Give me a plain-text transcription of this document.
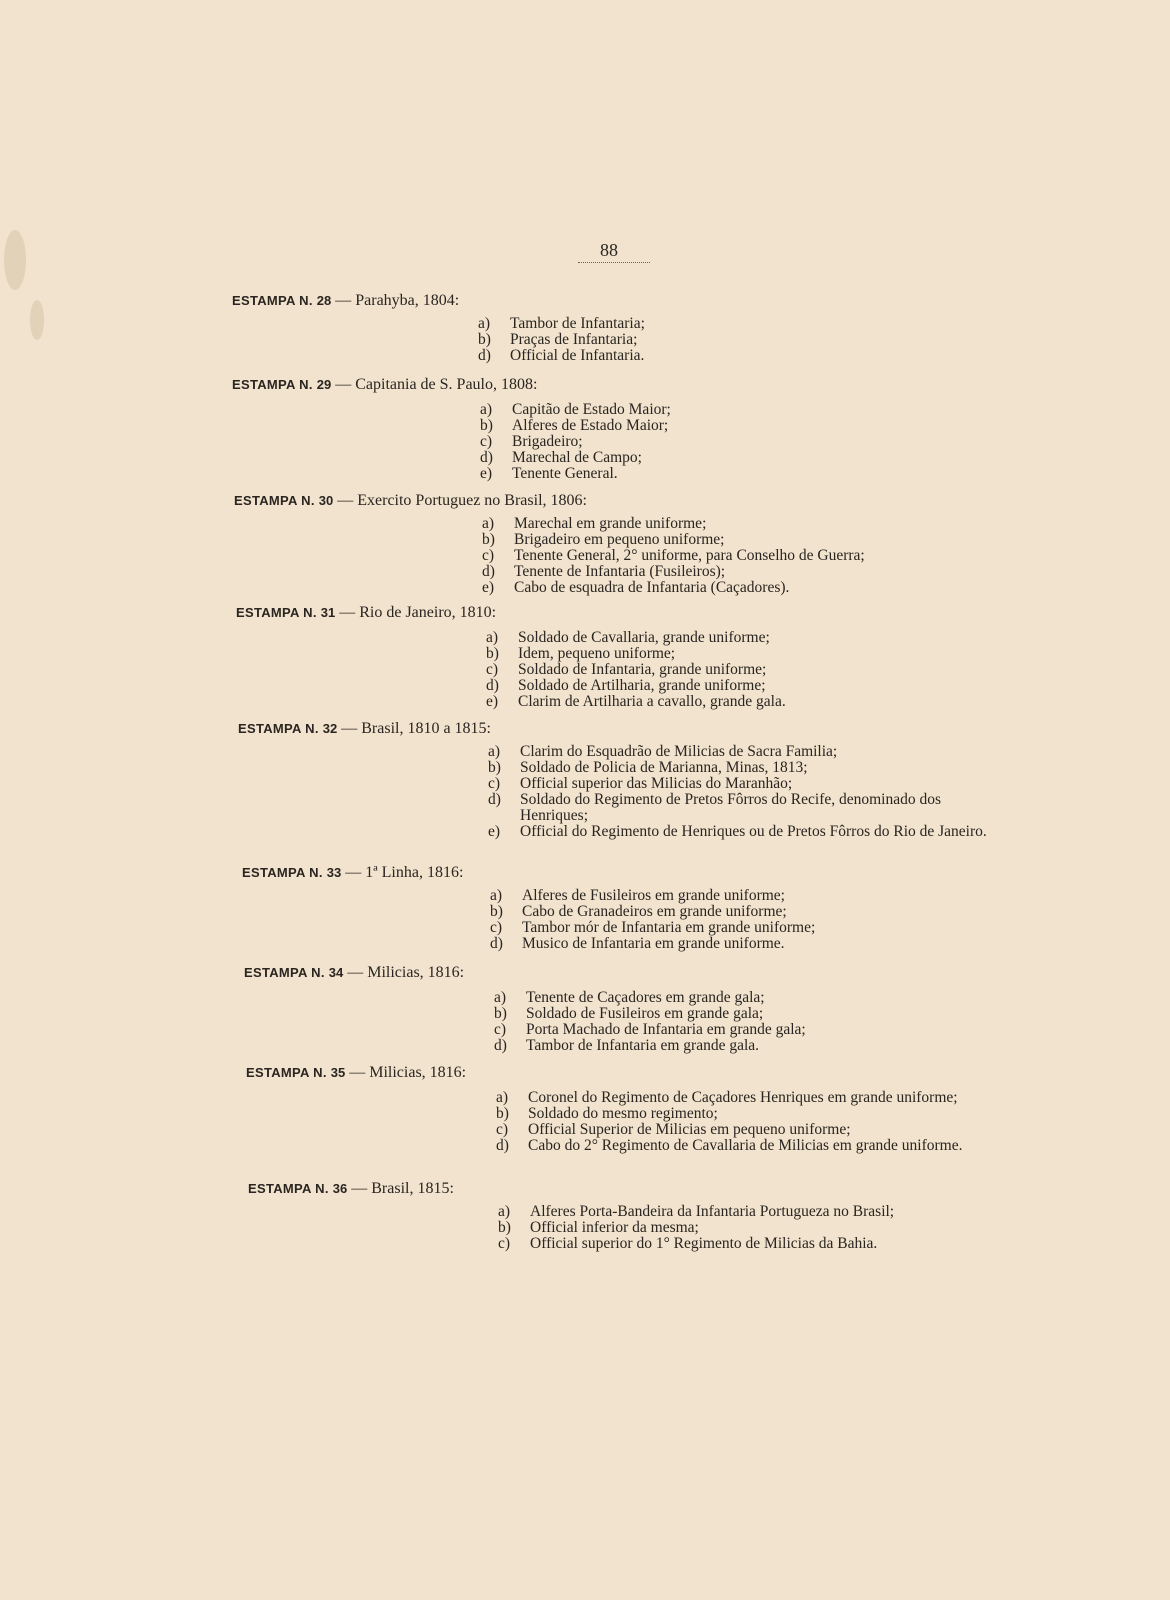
88
ESTAMPA N. 28 — Parahyba, 1804:
a) Tambor de Infantaria;
b) Praças de Infantaria;
d) Official de Infantaria.
ESTAMPA N. 29 — Capitania de S. Paulo, 1808:
a) Capitão de Estado Maior;
b) Alferes de Estado Maior;
c) Brigadeiro;
d) Marechal de Campo;
e) Tenente General.
ESTAMPA N. 30 — Exercito Portuguez no Brasil, 1806:
a) Marechal em grande uniforme;
b) Brigadeiro em pequeno uniforme;
c) Tenente General, 2° uniforme, para Conselho de Guerra;
d) Tenente de Infantaria (Fusileiros);
e) Cabo de esquadra de Infantaria (Caçadores).
ESTAMPA N. 31 — Rio de Janeiro, 1810:
a) Soldado de Cavallaria, grande uniforme;
b) Idem, pequeno uniforme;
c) Soldado de Infantaria, grande uniforme;
d) Soldado de Artilharia, grande uniforme;
e) Clarim de Artilharia a cavallo, grande gala.
ESTAMPA N. 32 — Brasil, 1810 a 1815:
a) Clarim do Esquadrão de Milicias de Sacra Familia;
b) Soldado de Policia de Marianna, Minas, 1813;
c) Official superior das Milicias do Maranhão;
d) Soldado do Regimento de Pretos Fôrros do Recife, denominado dos Henriques;
e) Official do Regimento de Henriques ou de Pretos Fôrros do Rio de Janeiro.
ESTAMPA N. 33 — 1ª Linha, 1816:
a) Alferes de Fusileiros em grande uniforme;
b) Cabo de Granadeiros em grande uniforme;
c) Tambor mór de Infantaria em grande uniforme;
d) Musico de Infantaria em grande uniforme.
ESTAMPA N. 34 — Milicias, 1816:
a) Tenente de Caçadores em grande gala;
b) Soldado de Fusileiros em grande gala;
c) Porta Machado de Infantaria em grande gala;
d) Tambor de Infantaria em grande gala.
ESTAMPA N. 35 — Milicias, 1816:
a) Coronel do Regimento de Caçadores Henriques em grande uniforme;
b) Soldado do mesmo regimento;
c) Official Superior de Milicias em pequeno uniforme;
d) Cabo do 2° Regimento de Cavallaria de Milicias em grande uniforme.
ESTAMPA N. 36 — Brasil, 1815:
a) Alferes Porta-Bandeira da Infantaria Portugueza no Brasil;
b) Official inferior da mesma;
c) Official superior do 1° Regimento de Milicias da Bahia.
